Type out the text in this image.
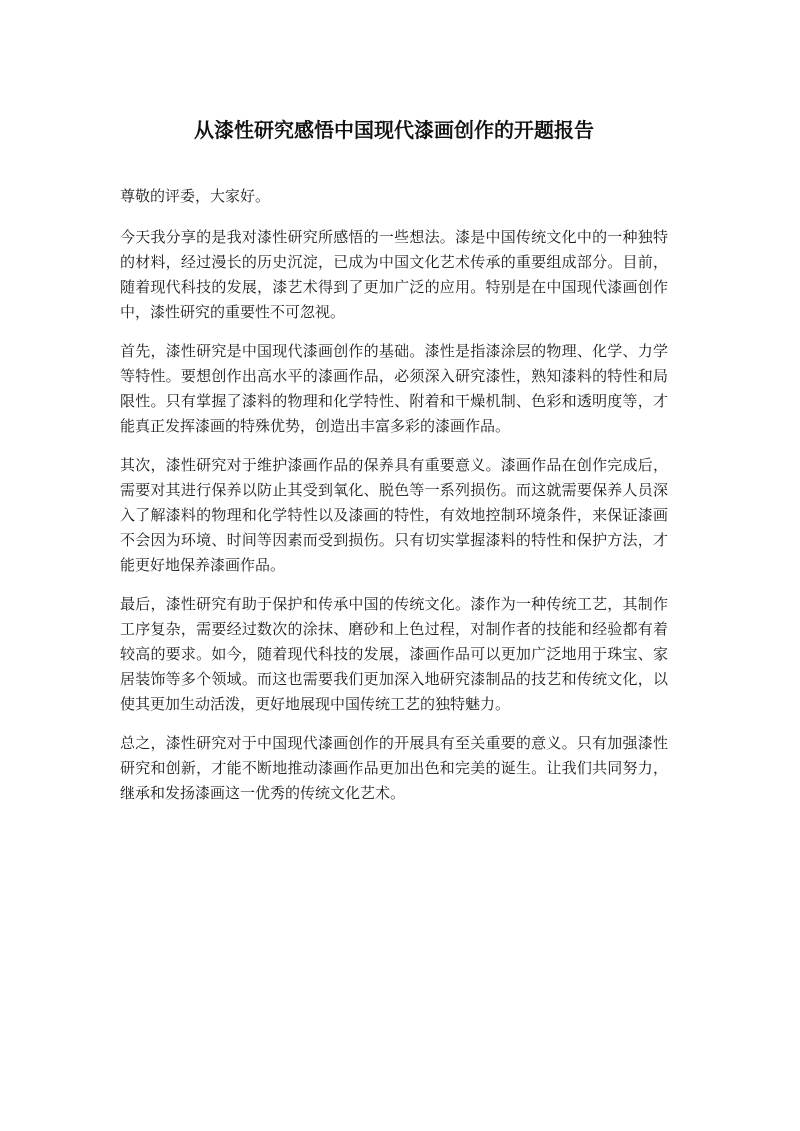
从漆性研究感悟中国现代漆画创作的开题报告

尊敬的评委，大家好。

今天我分享的是我对漆性研究所感悟的一些想法。漆是中国传统文化中的一种独特的材料，经过漫长的历史沉淀，已成为中国文化艺术传承的重要组成部分。目前，随着现代科技的发展，漆艺术得到了更加广泛的应用。特别是在中国现代漆画创作中，漆性研究的重要性不可忽视。

首先，漆性研究是中国现代漆画创作的基础。漆性是指漆涂层的物理、化学、力学等特性。要想创作出高水平的漆画作品，必须深入研究漆性，熟知漆料的特性和局限性。只有掌握了漆料的物理和化学特性、附着和干燥机制、色彩和透明度等，才能真正发挥漆画的特殊优势，创造出丰富多彩的漆画作品。

其次，漆性研究对于维护漆画作品的保养具有重要意义。漆画作品在创作完成后，需要对其进行保养以防止其受到氧化、脱色等一系列损伤。而这就需要保养人员深入了解漆料的物理和化学特性以及漆画的特性，有效地控制环境条件，来保证漆画不会因为环境、时间等因素而受到损伤。只有切实掌握漆料的特性和保护方法，才能更好地保养漆画作品。

最后，漆性研究有助于保护和传承中国的传统文化。漆作为一种传统工艺，其制作工序复杂，需要经过数次的涂抹、磨砂和上色过程，对制作者的技能和经验都有着较高的要求。如今，随着现代科技的发展，漆画作品可以更加广泛地用于珠宝、家居装饰等多个领域。而这也需要我们更加深入地研究漆制品的技艺和传统文化，以使其更加生动活泼，更好地展现中国传统工艺的独特魅力。

总之，漆性研究对于中国现代漆画创作的开展具有至关重要的意义。只有加强漆性研究和创新，才能不断地推动漆画作品更加出色和完美的诞生。让我们共同努力，继承和发扬漆画这一优秀的传统文化艺术。
